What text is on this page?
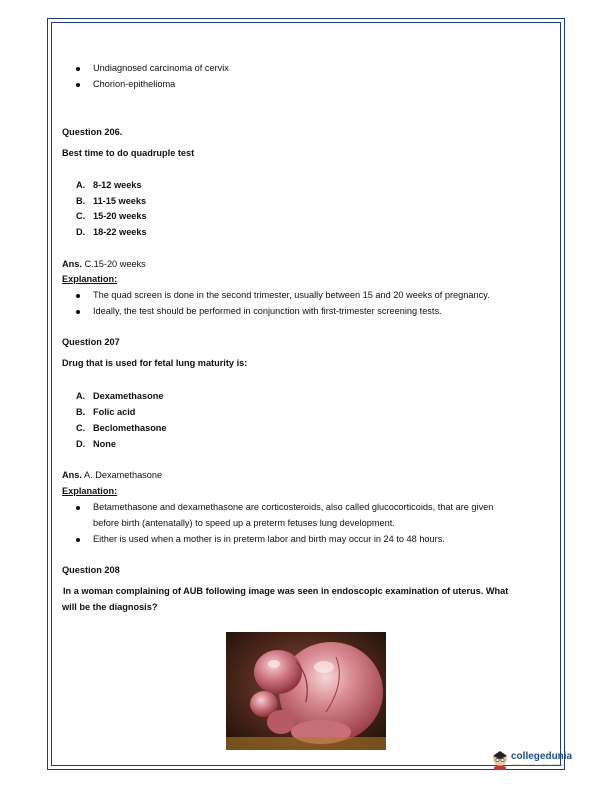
Undiagnosed carcinoma of cervix
Chorion-epithelioma
Question 206.
Best time to do quadruple test
A. 8-12 weeks
B. 11-15 weeks
C. 15-20 weeks
D. 18-22 weeks
Ans. C.15-20 weeks
Explanation:
The quad screen is done in the second trimester, usually between 15 and 20 weeks of pregnancy.
Ideally, the test should be performed in conjunction with first-trimester screening tests.
Question 207
Drug that is used for fetal lung maturity is:
A. Dexamethasone
B. Folic acid
C. Beclomethasone
D. None
Ans. A. Dexamethasone
Explanation:
Betamethasone and dexamethasone are corticosteroids, also called glucocorticoids, that are given
before birth (antenatally) to speed up a preterm fetuses lung development.
Either is used when a mother is in preterm labor and birth may occur in 24 to 48 hours.
Question 208
In a woman complaining of AUB following image was seen in endoscopic examination of uterus. What
will be the diagnosis?
collegedunia
India's Largest Student Review Platform
